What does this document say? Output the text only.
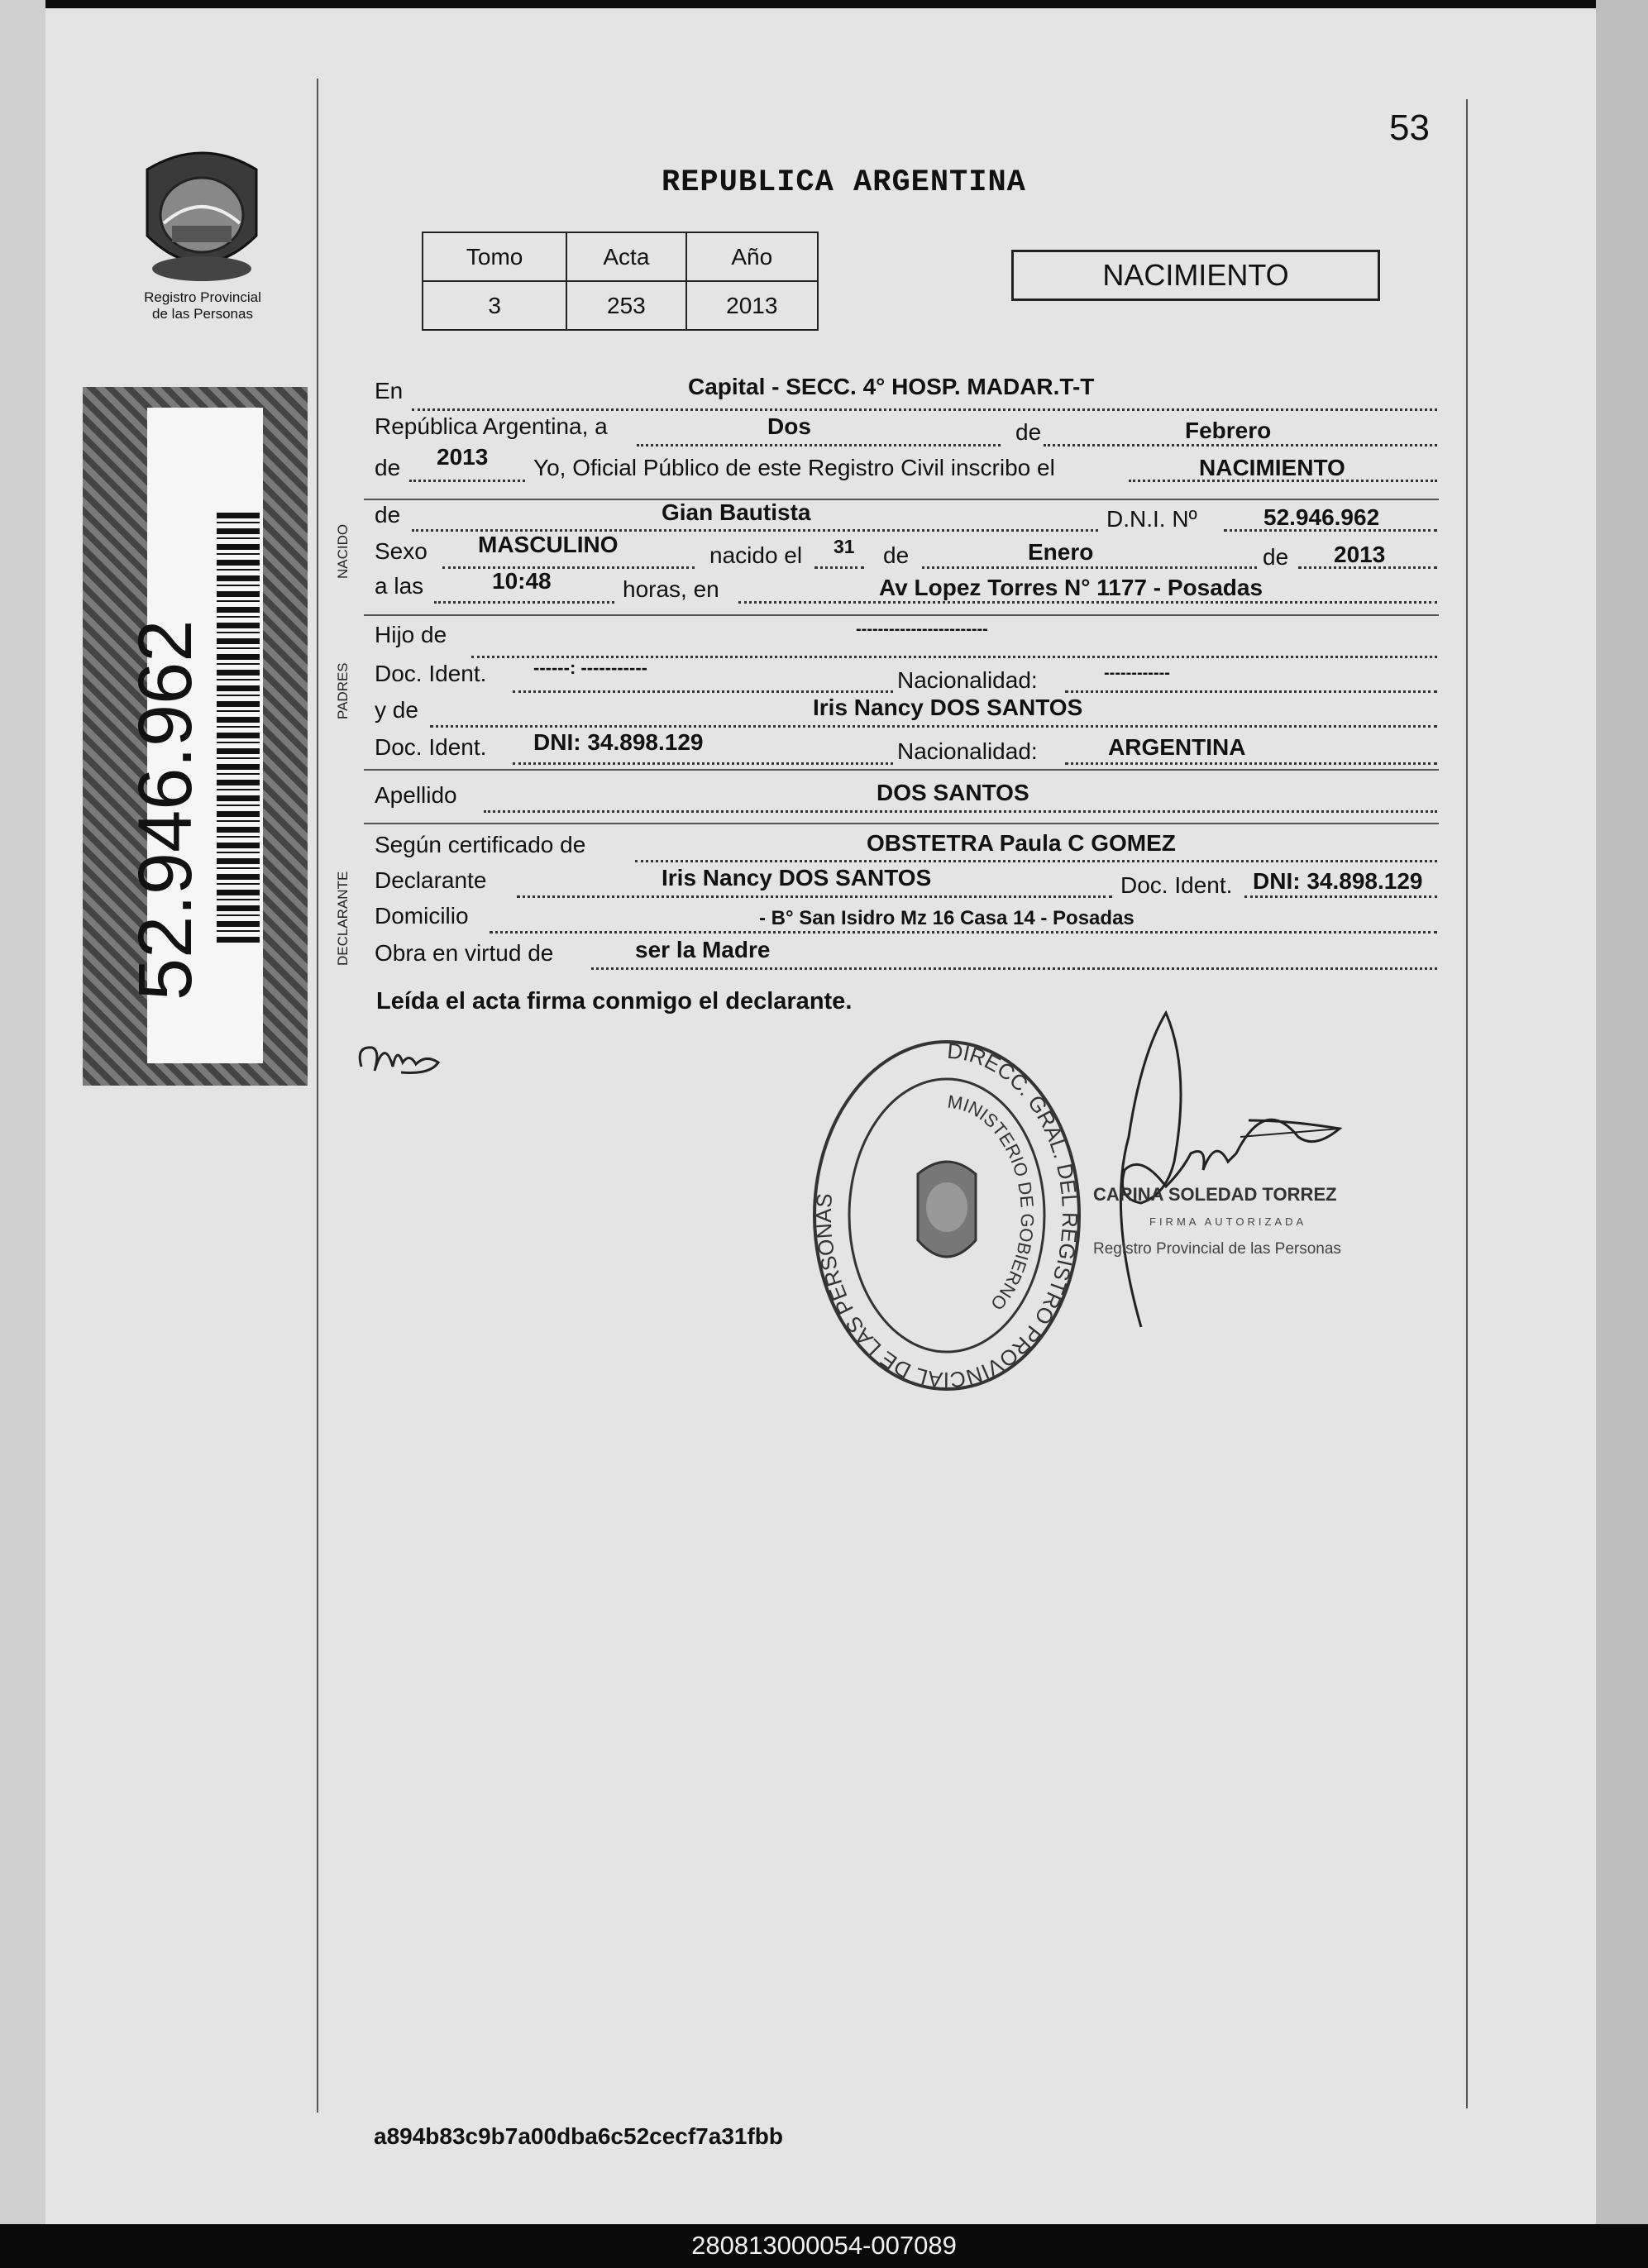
53
REPUBLICA ARGENTINA
Registro Provincial
de las Personas
52.946.962
Tomo	Acta	Año
3	253	2013
NACIMIENTO
NACIDO
PADRES
DECLARANTE
En	Capital - SECC. 4° HOSP. MADAR.T-T
República Argentina, a	Dos	de	Febrero
de 2013 Yo, Oficial Público de este Registro Civil inscribo el	NACIMIENTO
de	Gian Bautista	D.N.I. Nº	52.946.962
Sexo MASCULINO	nacido el 31 de	Enero	de 2013
a las	10:48	horas, en	Av Lopez Torres N° 1177 - Posadas
Hijo de	------------------------
Doc. Ident.	------: -----------	Nacionalidad:	------------
y de	Iris Nancy DOS SANTOS
Doc. Ident. DNI: 34.898.129	Nacionalidad:	ARGENTINA
Apellido	DOS SANTOS
Según certificado de	OBSTETRA Paula C GOMEZ
Declarante	Iris Nancy DOS SANTOS	Doc. Ident. DNI: 34.898.129
Domicilio	- B° San Isidro Mz 16 Casa 14 - Posadas
Obra en virtud de	ser la Madre
Leída el acta firma conmigo el declarante.
DIRECC. GRAL. DEL REGISTRO PROVINCIAL DE LAS PERSONAS
MINISTERIO DE GOBIERNO
CARINA SOLEDAD TORREZ
FIRMA AUTORIZADA
Registro Provincial de las Personas
a894b83c9b7a00dba6c52cecf7a31fbb
280813000054-007089
